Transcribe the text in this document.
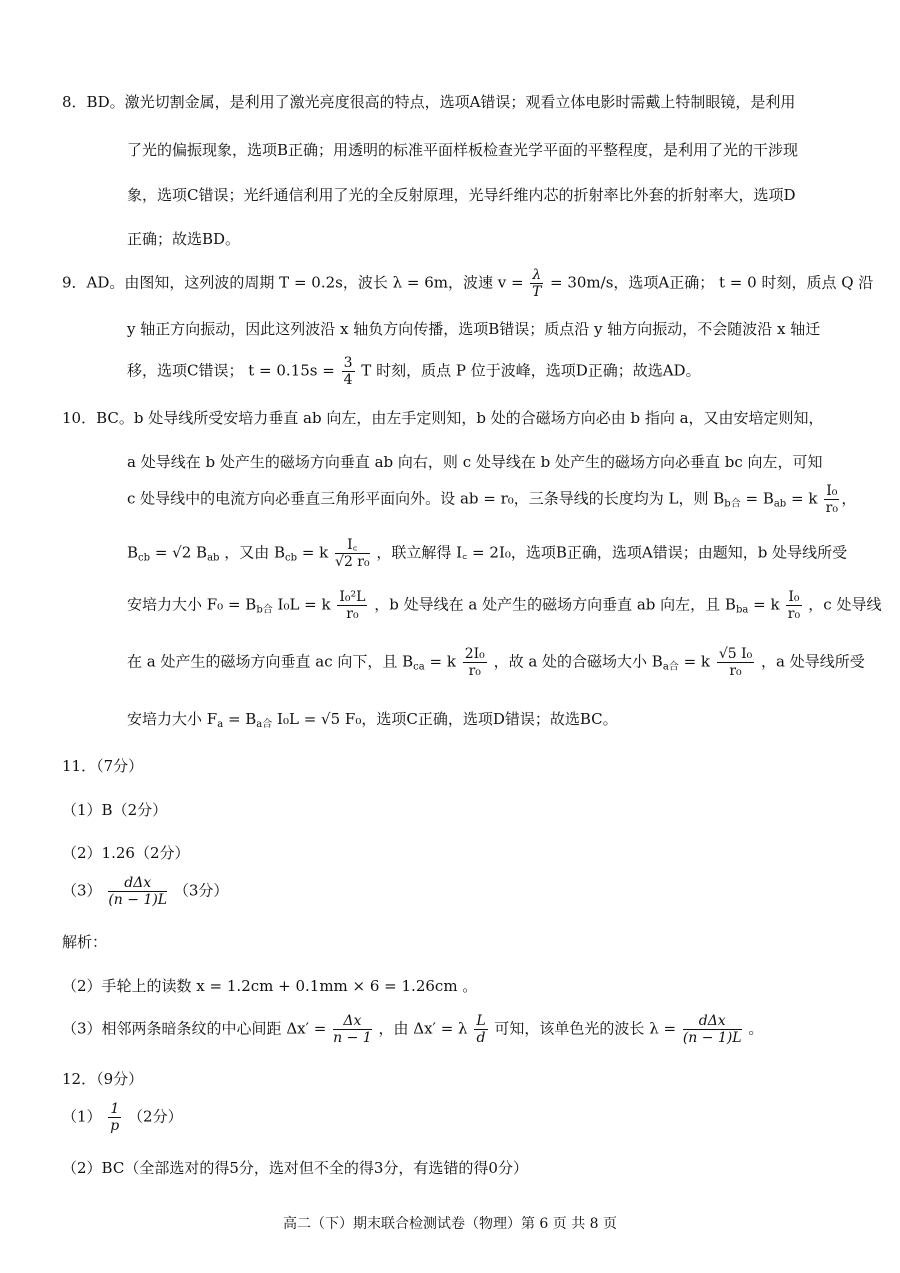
8．BD。激光切割金属，是利用了激光亮度很高的特点，选项A错误；观看立体电影时需戴上特制眼镜，是利用
了光的偏振现象，选项B正确；用透明的标准平面样板检查光学平面的平整程度，是利用了光的干涉现
象，选项C错误；光纤通信利用了光的全反射原理，光导纤维内芯的折射率比外套的折射率大，选项D
正确；故选BD。
9．AD。由图知，这列波的周期 T = 0.2s，波长 λ = 6m，波速 $v = \frac{\lambda}{T} = 30m/s$，选项A正确； t = 0 时刻，质点 Q 沿
y 轴正方向振动，因此这列波沿 x 轴负方向传播，选项B错误；质点沿 y 轴方向振动，不会随波沿 x 轴迁
移，选项C错误； $t = 0.15s = \frac{3}{4}$ T 时刻，质点 P 位于波峰，选项D正确；故选AD。
10．BC。b 处导线所受安培力垂直 ab 向左，由左手定则知，b 处的合磁场方向必由 b 指向 a，又由安培定则知，
a 处导线在 b 处产生的磁场方向垂直 ab 向右，则 c 处导线在 b 处产生的磁场方向必垂直 bc 向左，可知
c 处导线中的电流方向必垂直三角形平面向外。设 ab = r₀，三条导线的长度均为 L，则 $B_{b合} = B_{ab} = k \frac{\text{I₀}}{\text{r₀}}$ ，
$B_{cb} = √2$ $B_{ab}$ ，又由 $B_{cb} = k \frac{I꜀}{\text{√2 r₀}}$ ，联立解得 I꜀ = 2I₀，选项B正确，选项A错误；由题知，b 处导线所受
安培力大小 $F_0 = B_{b合}$ I₀L = k $\frac{\text{I₀²L}}{\text{r₀}}$ ，b 处导线在 a 处产生的磁场方向垂直 ab 向左，且 $B_{ba} = k \frac{\text{I₀}}{\text{r₀}}$ ，c 处导线
在 a 处产生的磁场方向垂直 ac 向下，且 $B_{ca} = k \frac{\text{2I₀}}{\text{r₀}}$ ，故 a 处的合磁场大小 $B_{a合} = k \frac{\text{√5 I₀}}{\text{r₀}}$ ，a 处导线所受
安培力大小 $F_a = B_{a合}$ I₀L = √5 F₀，选项C正确，选项D错误；故选BC。
11．（7分）
（1）B（2分）
（2）1.26（2分）
$(3) \frac{\text{dΔx}}{(n - 1)L} (3$分）
解析：
（2）手轮上的读数 x = 1.2cm + 0.1mm × 6 = 1.26cm 。
（3）相邻两条暗条纹的中心间距 $\Delta x' = \frac{\Delta x}{n - 1}$ ，由 Δx′ = λ $\frac{L}{d}$ 可知，该单色光的波长 $\lambda = \frac{\text{dΔx}}{(n - 1)L}$ 。
12．（9分）
$(1) \frac{1}{p} (2$分）
（2）BC（全部选对的得5分，选对但不全的得3分，有选错的得0分）
高二（下）期末联合检测试卷（物理）第 6 页 共 8 页
